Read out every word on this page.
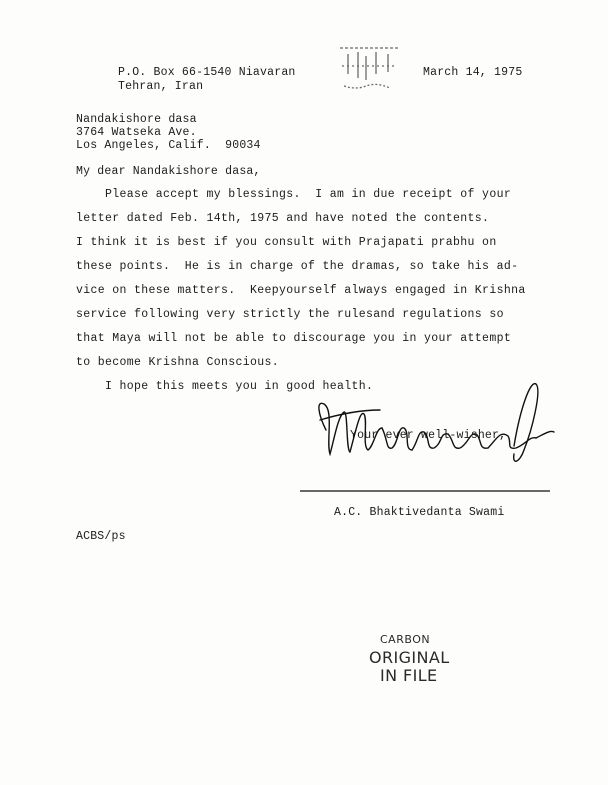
P.O. Box 66-1540 Niavaran
Tehran, Iran
March 14, 1975
Nandakishore dasa
3764 Watseka Ave.
Los Angeles, Calif.  90034
My dear Nandakishore dasa,
Please accept my blessings.  I am in due receipt of your
letter dated Feb. 14th, 1975 and have noted the contents.
I think it is best if you consult with Prajapati prabhu on
these points.  He is in charge of the dramas, so take his ad-
vice on these matters.  Keepyourself always engaged in Krishna
service following very strictly the rulesand regulations so
that Maya will not be able to discourage you in your attempt
to become Krishna Conscious.
I hope this meets you in good health.
Your ever well-wisher,
A.C. Bhaktivedanta Swami
ACBS/ps
CARBON
ORIGINAL
IN FILE
